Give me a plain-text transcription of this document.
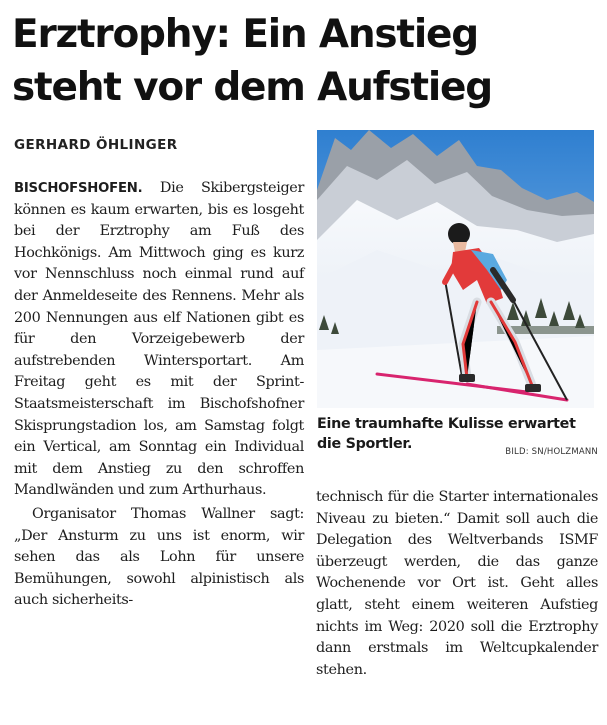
Erztrophy: Ein Anstieg
steht vor dem Aufstieg
GERHARD ÖHLINGER

BISCHOFSHOFEN. Die Skibergsteiger können es kaum erwarten, bis es losgeht bei der Erztrophy am Fuß des Hochkönigs. Am Mittwoch ging es kurz vor Nennschluss noch einmal rund auf der Anmeldeseite des Rennens. Mehr als 200 Nennungen aus elf Nationen gibt es für den Vorzeigebewerb der aufstrebenden Wintersportart. Am Freitag geht es mit der Sprint-Staatsmeisterschaft im Bischofshofner Skisprungstadion los, am Samstag folgt ein Vertical, am Sonntag ein Individual mit dem Anstieg zu den schroffen Mandlwänden und zum Arthurhaus.

Organisator Thomas Wallner sagt: „Der Ansturm zu uns ist enorm, wir sehen das als Lohn für unsere Bemühungen, sowohl alpinistisch als auch sicherheits-

Eine traumhafte Kulisse erwartet die Sportler.	BILD: SN/HOLZMANN

technisch für die Starter internationales Niveau zu bieten.“ Damit soll auch die Delegation des Weltverbands ISMF überzeugt werden, die das ganze Wochenende vor Ort ist. Geht alles glatt, steht einem weiteren Aufstieg nichts im Weg: 2020 soll die Erztrophy dann erstmals im Weltcupkalender stehen.
